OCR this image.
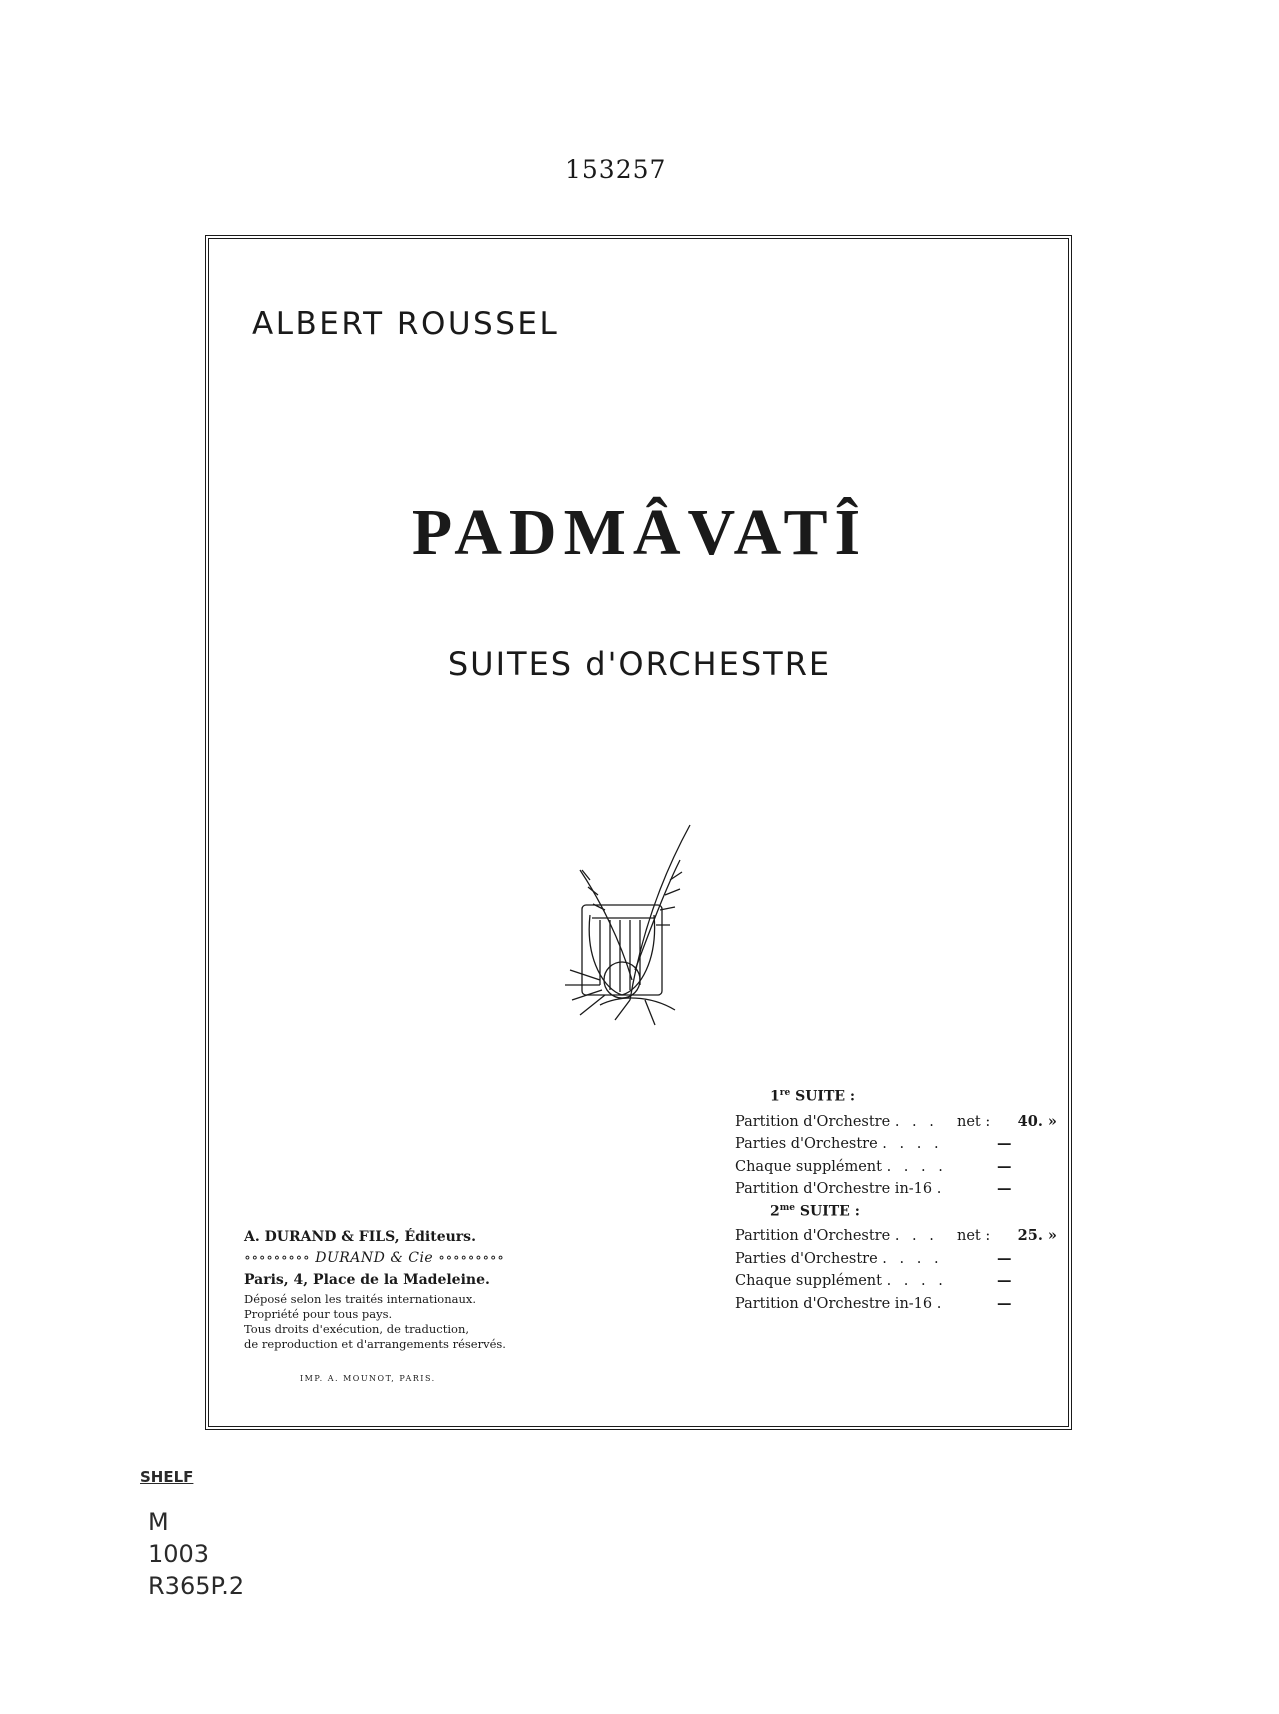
153257
ALBERT ROUSSEL
PADMÂVATÎ
SUITES d'ORCHESTRE
1re SUITE :
Partition d'Orchestre . . .	net :	40. »
Parties d'Orchestre . . . .	—
Chaque supplément . . . .	—
Partition d'Orchestre in-16 .	—
$2^{me}$ SUITE :
Partition d'Orchestre . . .	net :	25. »
Parties d'Orchestre . . . .	—
Chaque supplément . . . .	—
Partition d'Orchestre in-16 .	—
A. DURAND & FILS, Éditeurs.
∘∘∘∘∘∘∘∘∘ DURAND & Cie ∘∘∘∘∘∘∘∘∘
Paris, 4, Place de la Madeleine.
Déposé selon les traités internationaux.
Propriété pour tous pays.
Tous droits d'exécution, de traduction,
de reproduction et d'arrangements réservés.
IMP. A. MOUNOT, PARIS.
SHELF
M
1003
R365P.2
